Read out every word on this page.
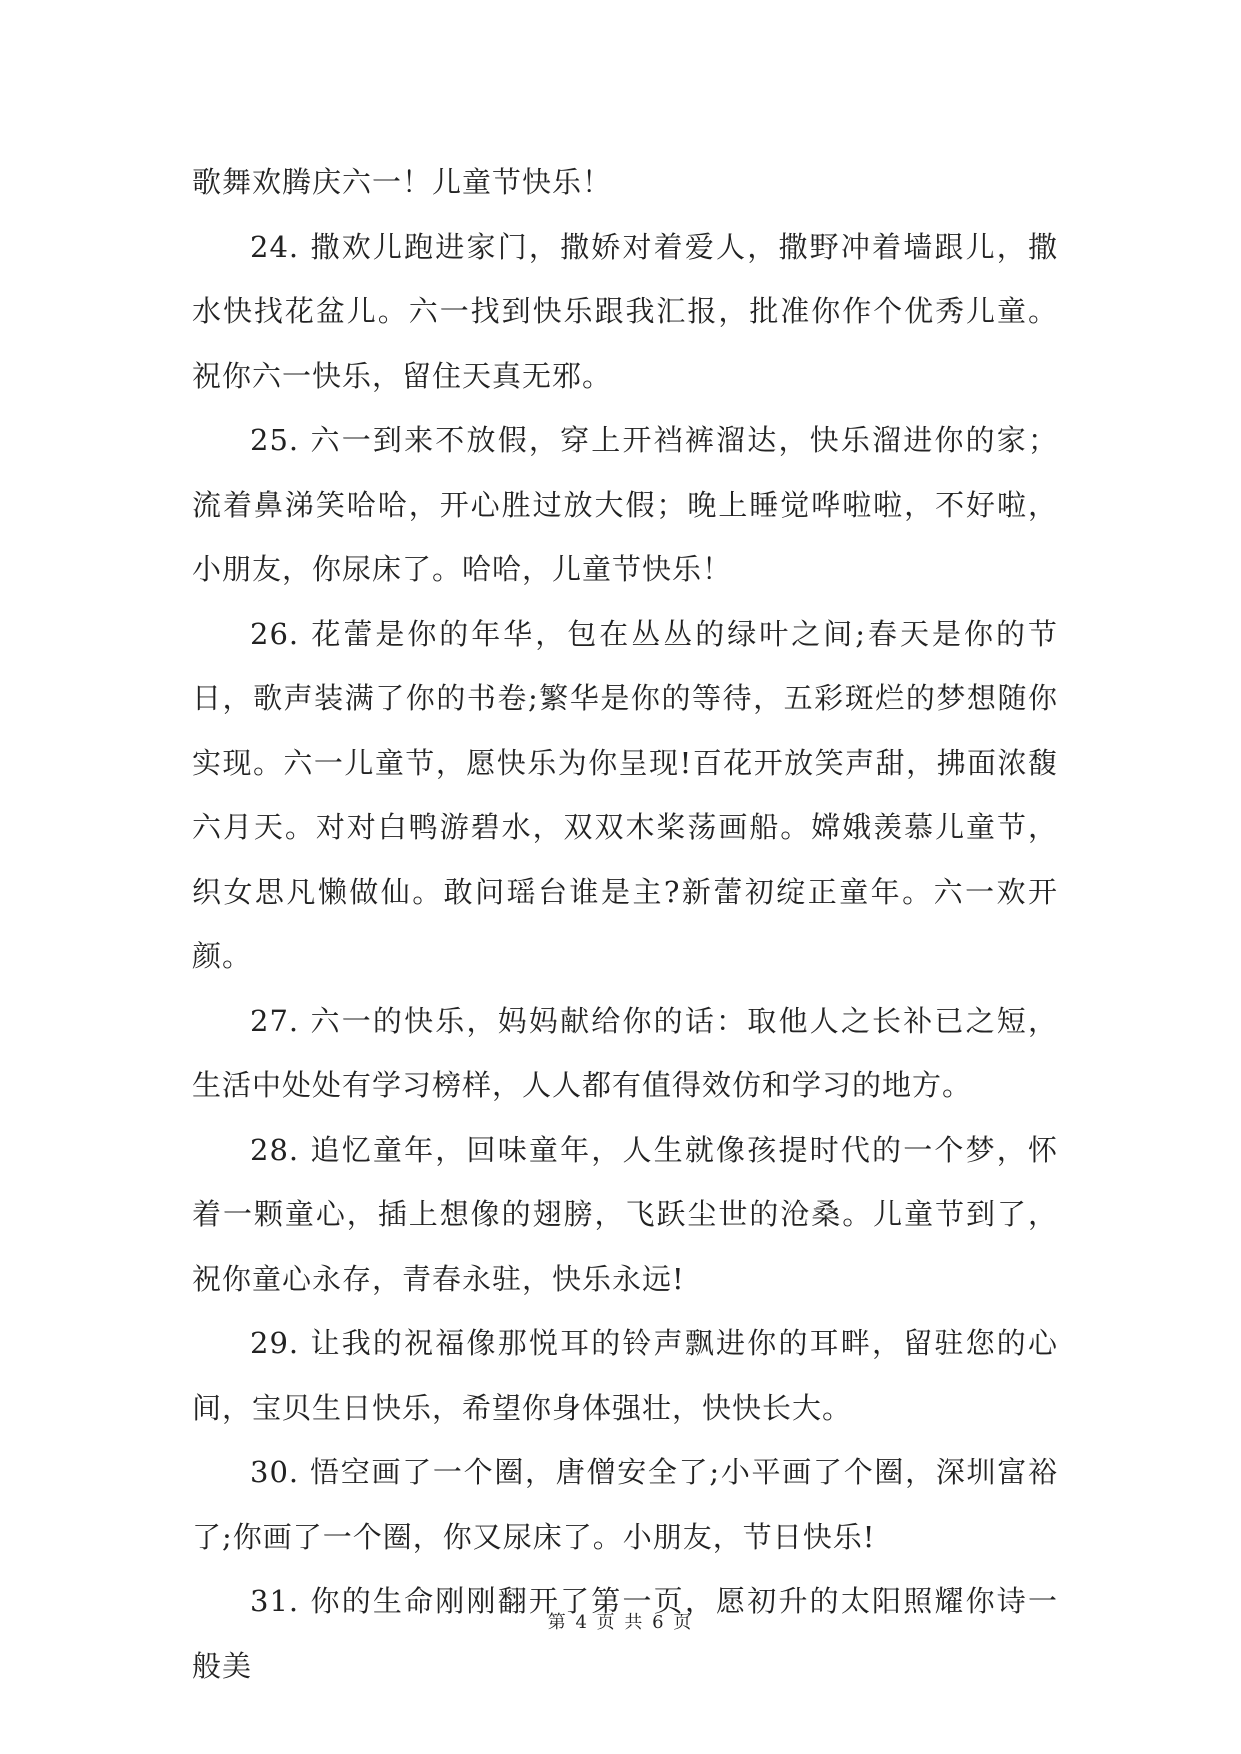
歌舞欢腾庆六一！儿童节快乐！

24. 撒欢儿跑进家门，撒娇对着爱人，撒野冲着墙跟儿，撒水快找花盆儿。六一找到快乐跟我汇报，批准你作个优秀儿童。祝你六一快乐，留住天真无邪。

25. 六一到来不放假，穿上开裆裤溜达，快乐溜进你的家；流着鼻涕笑哈哈，开心胜过放大假；晚上睡觉哗啦啦，不好啦，小朋友，你尿床了。哈哈，儿童节快乐！

26. 花蕾是你的年华，包在丛丛的绿叶之间;春天是你的节日，歌声装满了你的书卷;繁华是你的等待，五彩斑烂的梦想随你实现。六一儿童节，愿快乐为你呈现!百花开放笑声甜，拂面浓馥六月天。对对白鸭游碧水，双双木桨荡画船。嫦娥羡慕儿童节，织女思凡懒做仙。敢问瑶台谁是主?新蕾初绽正童年。六一欢开颜。

27. 六一的快乐，妈妈献给你的话：取他人之长补已之短，生活中处处有学习榜样，人人都有值得效仿和学习的地方。

28. 追忆童年，回味童年，人生就像孩提时代的一个梦，怀着一颗童心，插上想像的翅膀，飞跃尘世的沧桑。儿童节到了，祝你童心永存，青春永驻，快乐永远!

29. 让我的祝福像那悦耳的铃声飘进你的耳畔，留驻您的心间，宝贝生日快乐，希望你身体强壮，快快长大。

30. 悟空画了一个圈，唐僧安全了;小平画了个圈，深圳富裕了;你画了一个圈，你又尿床了。小朋友，节日快乐!

31. 你的生命刚刚翻开了第一页，愿初升的太阳照耀你诗一般美

第 4 页 共 6 页
